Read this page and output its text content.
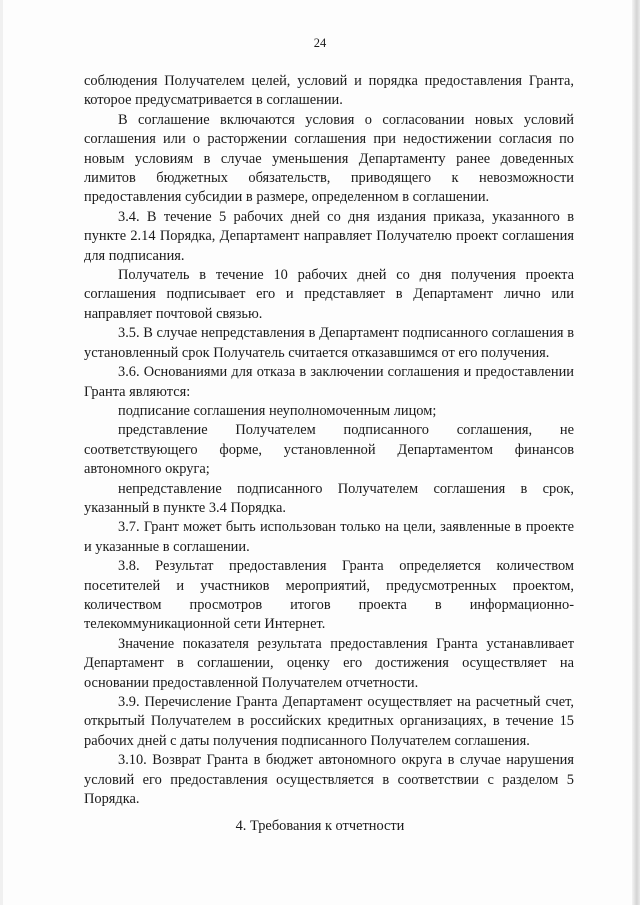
24

соблюдения Получателем целей, условий и порядка предоставления Гранта, которое предусматривается в соглашении.

В соглашение включаются условия о согласовании новых условий соглашения или о расторжении соглашения при недостижении согласия по новым условиям в случае уменьшения Департаменту ранее доведенных лимитов бюджетных обязательств, приводящего к невозможности предоставления субсидии в размере, определенном в соглашении.

3.4. В течение 5 рабочих дней со дня издания приказа, указанного в пункте 2.14 Порядка, Департамент направляет Получателю проект соглашения для подписания.

Получатель в течение 10 рабочих дней со дня получения проекта соглашения подписывает его и представляет в Департамент лично или направляет почтовой связью.

3.5. В случае непредставления в Департамент подписанного соглашения в установленный срок Получатель считается отказавшимся от его получения.

3.6. Основаниями для отказа в заключении соглашения и предоставлении Гранта являются:

подписание соглашения неуполномоченным лицом;

представление Получателем подписанного соглашения, не соответствующего форме, установленной Департаментом финансов автономного округа;

непредставление подписанного Получателем соглашения в срок, указанный в пункте 3.4 Порядка.

3.7. Грант может быть использован только на цели, заявленные в проекте и указанные в соглашении.

3.8. Результат предоставления Гранта определяется количеством посетителей и участников мероприятий, предусмотренных проектом, количеством просмотров итогов проекта в информационно-телекоммуникационной сети Интернет.

Значение показателя результата предоставления Гранта устанавливает Департамент в соглашении, оценку его достижения осуществляет на основании предоставленной Получателем отчетности.

3.9. Перечисление Гранта Департамент осуществляет на расчетный счет, открытый Получателем в российских кредитных организациях, в течение 15 рабочих дней с даты получения подписанного Получателем соглашения.

3.10. Возврат Гранта в бюджет автономного округа в случае нарушения условий его предоставления осуществляется в соответствии с разделом 5 Порядка.

4. Требования к отчетности
